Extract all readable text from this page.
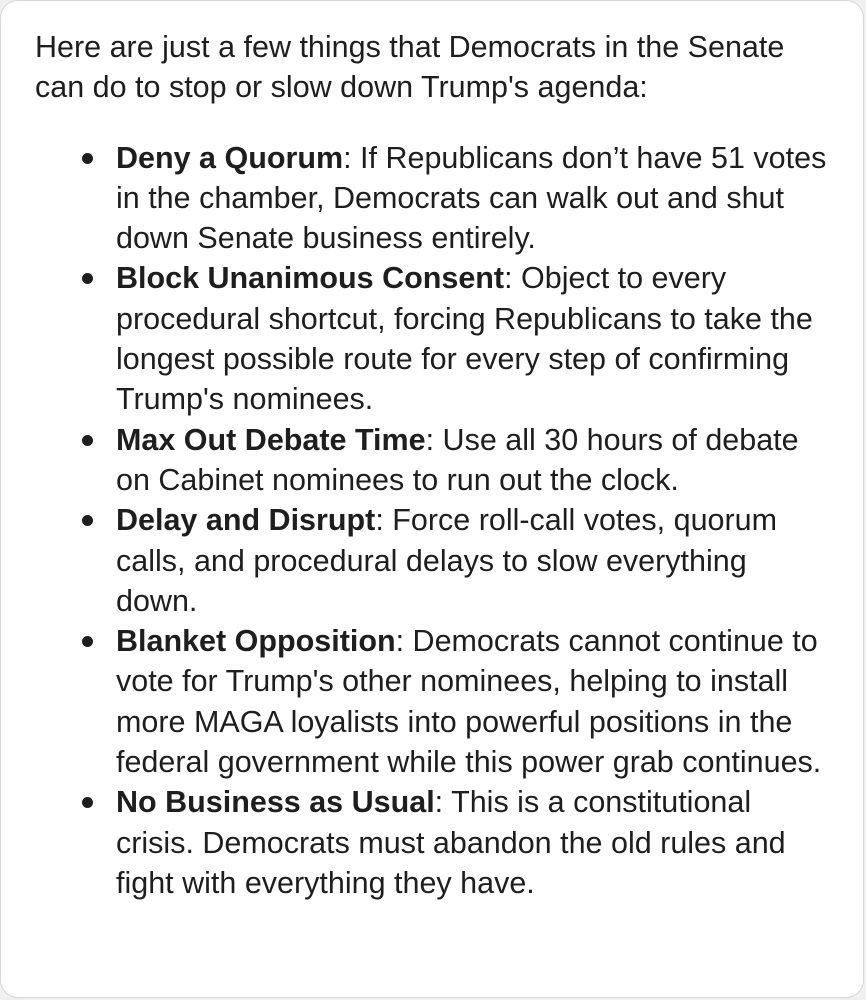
Here are just a few things that Democrats in the Senate can do to stop or slow down Trump's agenda:

Deny a Quorum: If Republicans don’t have 51 votes in the chamber, Democrats can walk out and shut down Senate business entirely.
Block Unanimous Consent: Object to every procedural shortcut, forcing Republicans to take the longest possible route for every step of confirming Trump's nominees.
Max Out Debate Time: Use all 30 hours of debate on Cabinet nominees to run out the clock.
Delay and Disrupt: Force roll-call votes, quorum calls, and procedural delays to slow everything down.
Blanket Opposition: Democrats cannot continue to vote for Trump's other nominees, helping to install more MAGA loyalists into powerful positions in the federal government while this power grab continues.
No Business as Usual: This is a constitutional crisis. Democrats must abandon the old rules and fight with everything they have.
